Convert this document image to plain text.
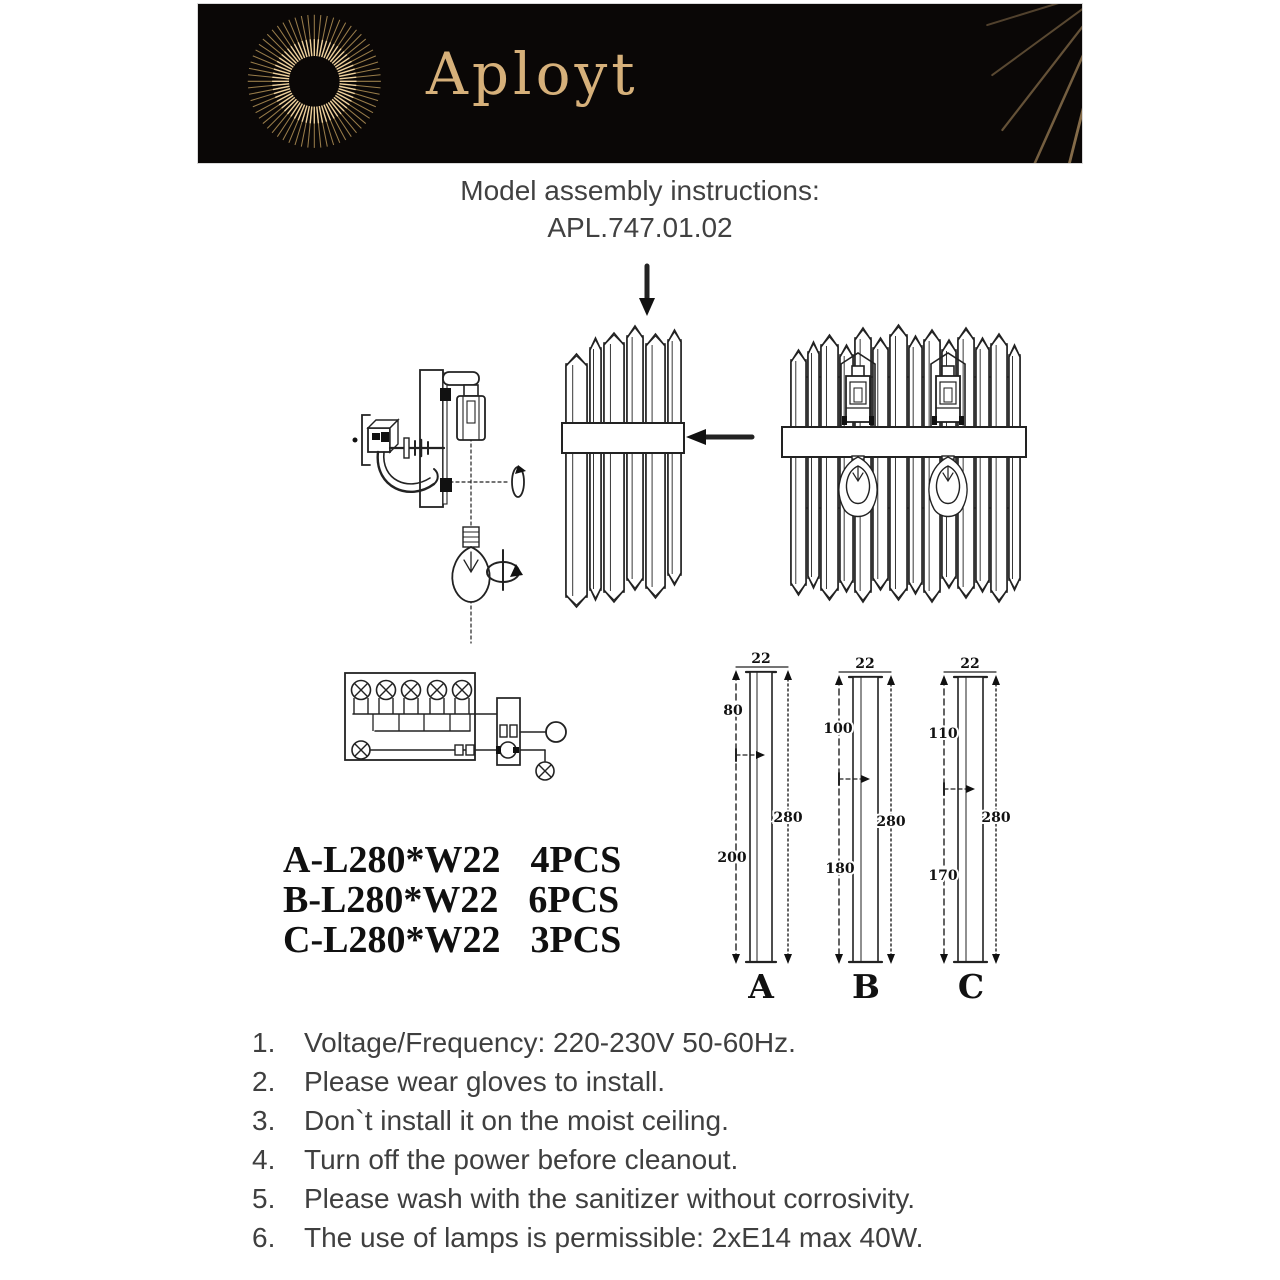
Aployt
Model assembly instructions:
APL.747.01.02
A-L280*W22 4PCS
B-L280*W22 6PCS
C-L280*W22 3PCS
22
80
200
280
A
22
100
180
280
B
22
110
170
280
C
1.	Voltage/Frequency: 220-230V 50-60Hz.
2.	Please wear gloves to install.
3.	Don`t install it on the moist ceiling.
4.	Turn off the power before cleanout.
5.	Please wash with the sanitizer without corrosivity.
6.	The use of lamps is permissible: 2xE14 max 40W.
